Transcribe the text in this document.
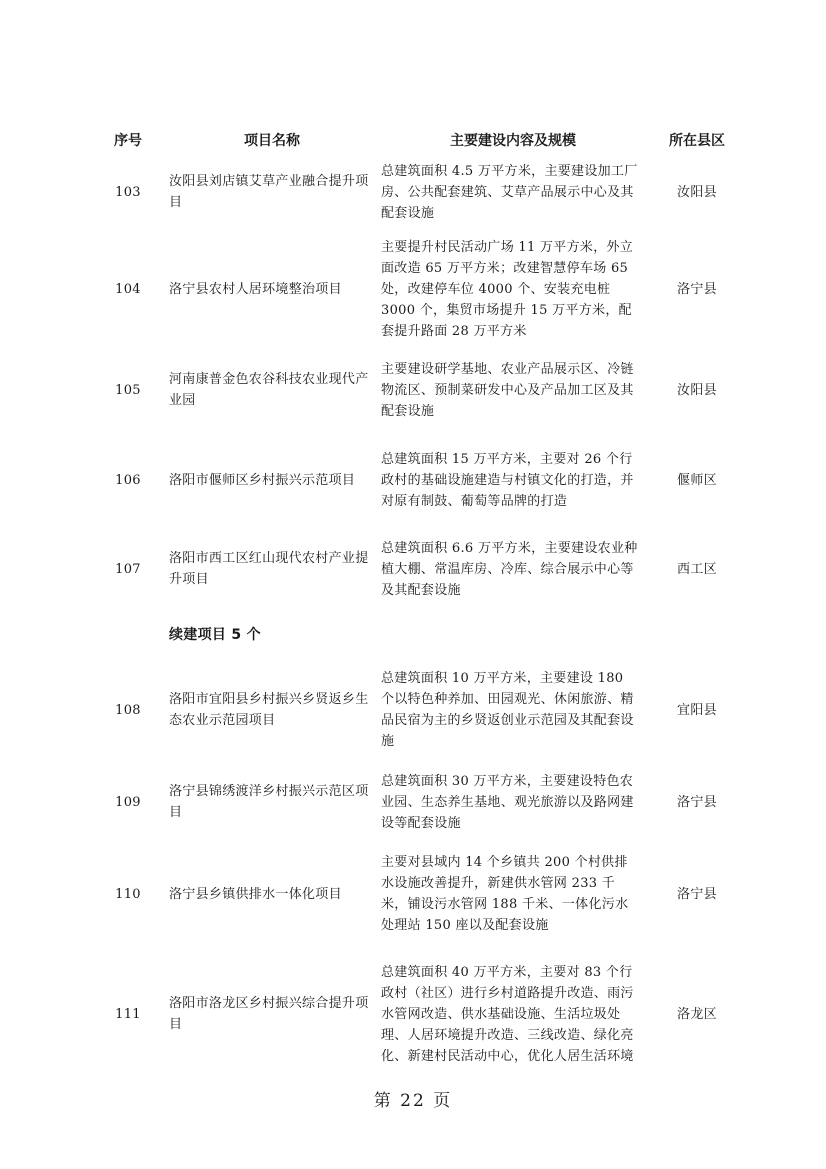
序号	项目名称	主要建设内容及规模	所在县区
103	汝阳县刘店镇艾草产业融合提升项目	总建筑面积 4.5 万平方米，主要建设加工厂房、公共配套建筑、艾草产品展示中心及其配套设施	汝阳县
104	洛宁县农村人居环境整治项目	主要提升村民活动广场 11 万平方米，外立面改造 65 万平方米；改建智慧停车场 65 处，改建停车位 4000 个、安装充电桩 3000 个，集贸市场提升 15 万平方米，配套提升路面 28 万平方米	洛宁县
105	河南康普金色农谷科技农业现代产业园	主要建设研学基地、农业产品展示区、冷链物流区、预制菜研发中心及产品加工区及其配套设施	汝阳县
106	洛阳市偃师区乡村振兴示范项目	总建筑面积 15 万平方米，主要对 26 个行政村的基础设施建造与村镇文化的打造，并对原有制鼓、葡萄等品牌的打造	偃师区
107	洛阳市西工区红山现代农村产业提升项目	总建筑面积 6.6 万平方米，主要建设农业种植大棚、常温库房、冷库、综合展示中心等及其配套设施	西工区
	续建项目 5 个		
108	洛阳市宜阳县乡村振兴乡贤返乡生态农业示范园项目	总建筑面积 10 万平方米，主要建设 180 个以特色种养加、田园观光、休闲旅游、精品民宿为主的乡贤返创业示范园及其配套设施	宜阳县
109	洛宁县锦绣渡洋乡村振兴示范区项目	总建筑面积 30 万平方米，主要建设特色农业园、生态养生基地、观光旅游以及路网建设等配套设施	洛宁县
110	洛宁县乡镇供排水一体化项目	主要对县域内 14 个乡镇共 200 个村供排水设施改善提升，新建供水管网 233 千米，铺设污水管网 188 千米、一体化污水处理站 150 座以及配套设施	洛宁县
111	洛阳市洛龙区乡村振兴综合提升项目	总建筑面积 40 万平方米，主要对 83 个行政村（社区）进行乡村道路提升改造、雨污水管网改造、供水基础设施、生活垃圾处理、人居环境提升改造、三线改造、绿化亮化、新建村民活动中心，优化人居生活环境	洛龙区
第 22 页
